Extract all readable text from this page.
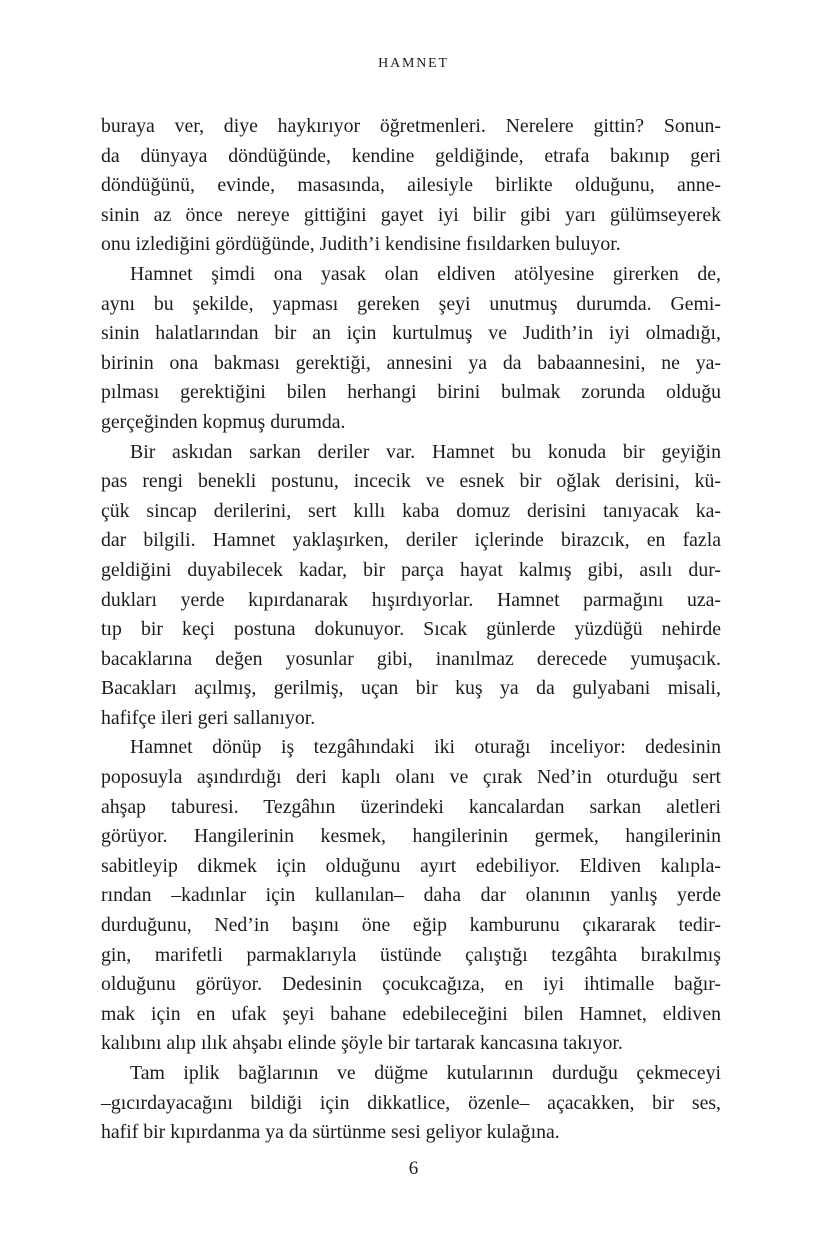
HAMNET

buraya ver, diye haykırıyor öğretmenleri. Nerelere gittin? Sonun-
da dünyaya döndüğünde, kendine geldiğinde, etrafa bakınıp geri
döndüğünü, evinde, masasında, ailesiyle birlikte olduğunu, anne-
sinin az önce nereye gittiğini gayet iyi bilir gibi yarı gülümseyerek
onu izlediğini gördüğünde, Judith’i kendisine fısıldarken buluyor.

Hamnet şimdi ona yasak olan eldiven atölyesine girerken de,
aynı bu şekilde, yapması gereken şeyi unutmuş durumda. Gemi-
sinin halatlarından bir an için kurtulmuş ve Judith’in iyi olmadığı,
birinin ona bakması gerektiği, annesini ya da babaannesini, ne ya-
pılması gerektiğini bilen herhangi birini bulmak zorunda olduğu
gerçeğinden kopmuş durumda.

Bir askıdan sarkan deriler var. Hamnet bu konuda bir geyiğin
pas rengi benekli postunu, incecik ve esnek bir oğlak derisini, kü-
çük sincap derilerini, sert kıllı kaba domuz derisini tanıyacak ka-
dar bilgili. Hamnet yaklaşırken, deriler içlerinde birazcık, en fazla
geldiğini duyabilecek kadar, bir parça hayat kalmış gibi, asılı dur-
dukları yerde kıpırdanarak hışırdıyorlar. Hamnet parmağını uza-
tıp bir keçi postuna dokunuyor. Sıcak günlerde yüzdüğü nehirde
bacaklarına değen yosunlar gibi, inanılmaz derecede yumuşacık.
Bacakları açılmış, gerilmiş, uçan bir kuş ya da gulyabani misali,
hafifçe ileri geri sallanıyor.

Hamnet dönüp iş tezgâhındaki iki oturağı inceliyor: dedesinin
poposuyla aşındırdığı deri kaplı olanı ve çırak Ned’in oturduğu sert
ahşap taburesi. Tezgâhın üzerindeki kancalardan sarkan aletleri
görüyor. Hangilerinin kesmek, hangilerinin germek, hangilerinin
sabitleyip dikmek için olduğunu ayırt edebiliyor. Eldiven kalıpla-
rından –kadınlar için kullanılan– daha dar olanının yanlış yerde
durduğunu, Ned’in başını öne eğip kamburunu çıkararak tedir-
gin, marifetli parmaklarıyla üstünde çalıştığı tezgâhta bırakılmış
olduğunu görüyor. Dedesinin çocukcağıza, en iyi ihtimalle bağır-
mak için en ufak şeyi bahane edebileceğini bilen Hamnet, eldiven
kalıbını alıp ılık ahşabı elinde şöyle bir tartarak kancasına takıyor.

Tam iplik bağlarının ve düğme kutularının durduğu çekmeceyi
–gıcırdayacağını bildiği için dikkatlice, özenle– açacakken, bir ses,
hafif bir kıpırdanma ya da sürtünme sesi geliyor kulağına.

6
